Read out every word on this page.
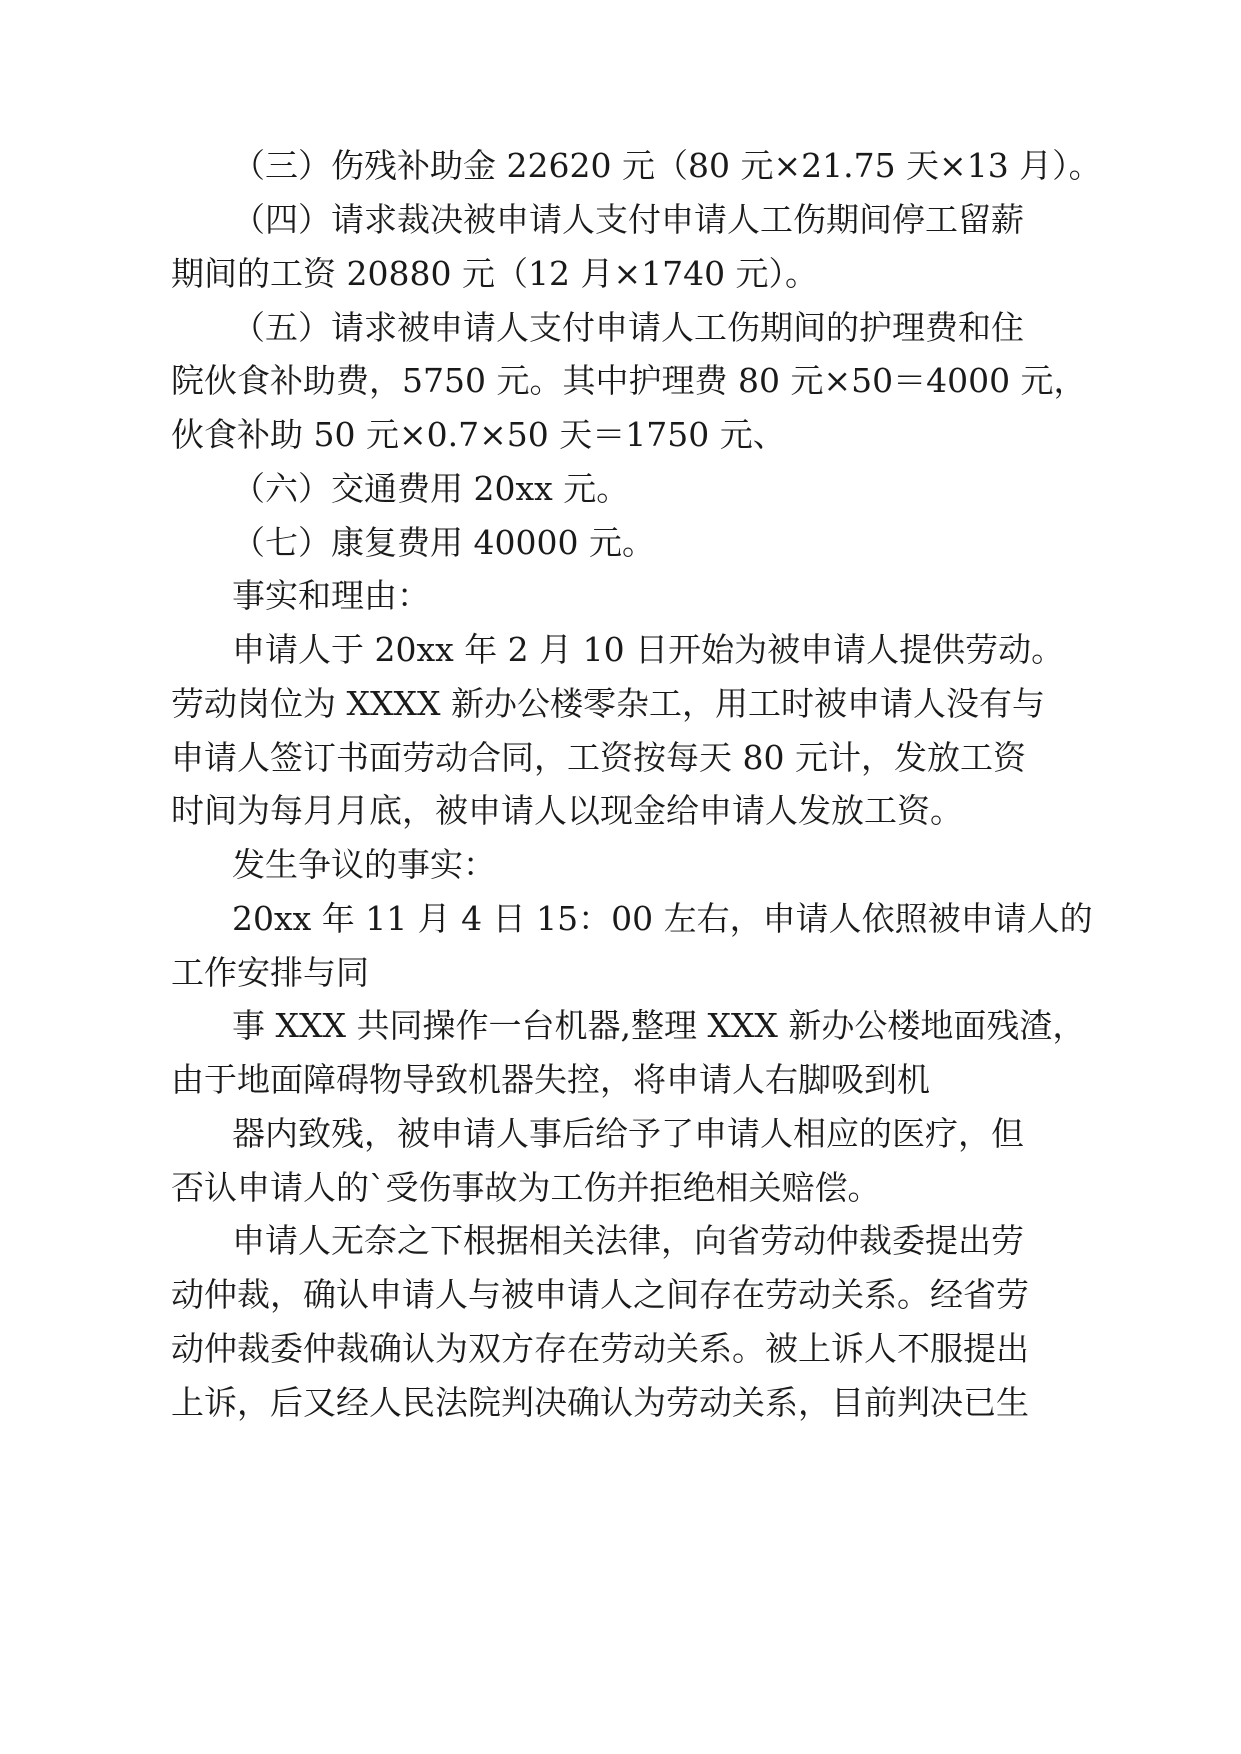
（三）伤残补助金 22620 元（80 元×21.75 天×13 月）。

（四）请求裁决被申请人支付申请人工伤期间停工留薪

期间的工资 20880 元（12 月×1740 元）。

（五）请求被申请人支付申请人工伤期间的护理费和住

院伙食补助费，5750 元。其中护理费 80 元×50＝4000 元，

伙食补助 50 元×0.7×50 天＝1750 元、

（六）交通费用 20xx 元。

（七）康复费用 40000 元。

事实和理由：

申请人于 20xx 年 2 月 10 日开始为被申请人提供劳动。

劳动岗位为 XXXX 新办公楼零杂工，用工时被申请人没有与

申请人签订书面劳动合同，工资按每天 80 元计，发放工资

时间为每月月底，被申请人以现金给申请人发放工资。

发生争议的事实：

20xx 年 11 月 4 日 15：00 左右，申请人依照被申请人的

工作安排与同

事 XXX 共同操作一台机器,整理 XXX 新办公楼地面残渣，

由于地面障碍物导致机器失控，将申请人右脚吸到机

器内致残，被申请人事后给予了申请人相应的医疗，但

否认申请人的`受伤事故为工伤并拒绝相关赔偿。

申请人无奈之下根据相关法律，向省劳动仲裁委提出劳

动仲裁，确认申请人与被申请人之间存在劳动关系。经省劳

动仲裁委仲裁确认为双方存在劳动关系。被上诉人不服提出

上诉，后又经人民法院判决确认为劳动关系，目前判决已生
